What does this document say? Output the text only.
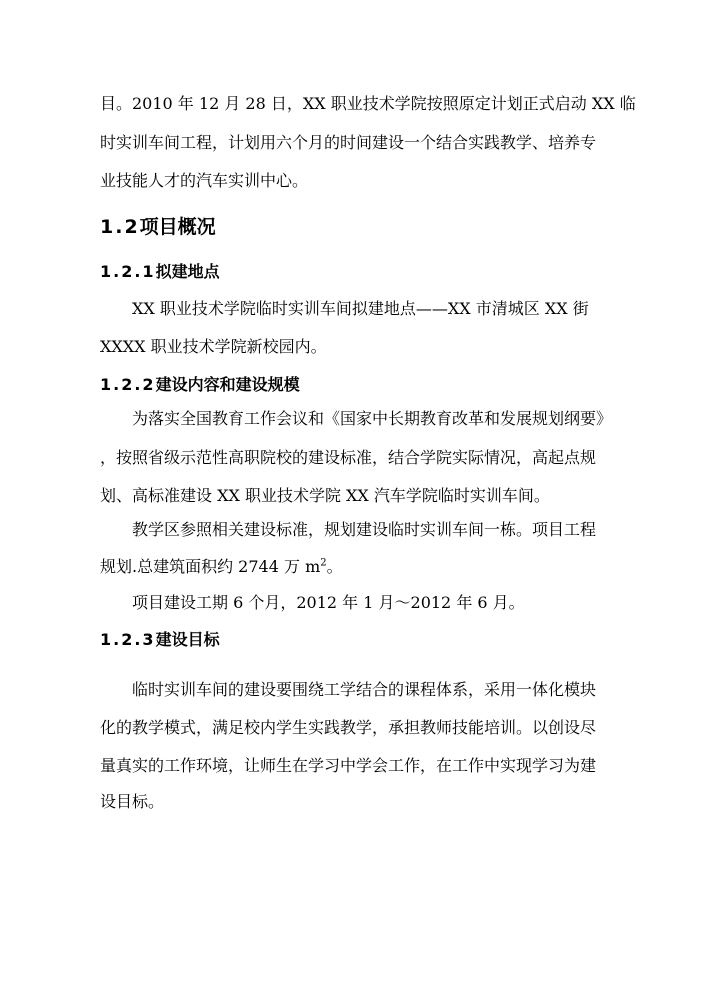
目。2010 年 12 月 28 日，XX 职业技术学院按照原定计划正式启动 XX 临
时实训车间工程，计划用六个月的时间建设一个结合实践教学、培养专
业技能人才的汽车实训中心。
1.2项目概况
1.2.1拟建地点
XX 职业技术学院临时实训车间拟建地点——XX 市清城区 XX 街
XXXX 职业技术学院新校园内。
1.2.2建设内容和建设规模
为落实全国教育工作会议和《国家中长期教育改革和发展规划纲要》
，按照省级示范性高职院校的建设标准，结合学院实际情况，高起点规
划、高标准建设 XX 职业技术学院 XX 汽车学院临时实训车间。
教学区参照相关建设标准，规划建设临时实训车间一栋。项目工程
规划.总建筑面积约 2744 万 $m^2$。
项目建设工期 6 个月，2012 年 1 月～2012 年 6 月。
1.2.3建设目标
临时实训车间的建设要围绕工学结合的课程体系，采用一体化模块
化的教学模式，满足校内学生实践教学，承担教师技能培训。以创设尽
量真实的工作环境，让师生在学习中学会工作，在工作中实现学习为建
设目标。
